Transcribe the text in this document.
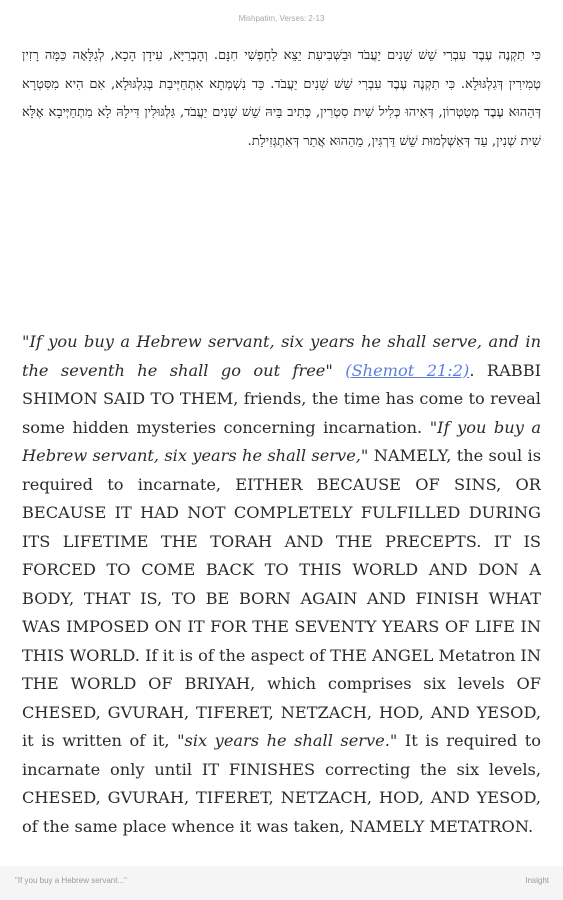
Mishpatim, Verses: 2-13
כִּי תִקְנֶה עֶבֶד עִבְרִי שֵׁשׁ שָׁנִים יַעֲבֹד וּבַשְּׁבִיעִת יֵצֵא לַחָפְשִׁי חִנָּם. וְהָבְרַיָּא, עִידָן הָכָא, לְגַלָּאָה כַּמָּה רָזִין טְמִירִין דְּגִלְגּוּלָא. כִּי תִקְנֶה עֶבֶד עִבְרִי שֵׁשׁ שָׁנִים יַעֲבֹד. כַּד נִשְׁמְתָא אִתְחַיְּיבַת בְּגִלְגּוּלָא, אִם הִיא מִסִּטְרָא דְּהַהוּא עֶבֶד מְטַטְרוֹן, דְּאִיהוּ כְּלִיל שִׁית סִטְרִין, כְּתִיב בֵּיהּ שֵׁשׁ שָׁנִים יַעֲבֹד, גִּלְגּוּלִין דִּילָהּ לָא מִתְחַיְּיבָא אֶלָּא שִׁית שְׁנִין, עַד דְּאִשְׁלְמוּת שֵׁשׁ דַּרְגִּין, מֵהַהוּא אֲתַר דְּאִתְגְּזִילַת.
"If you buy a Hebrew servant, six years he shall serve, and in the seventh he shall go out free" (Shemot 21:2). RABBI SHIMON SAID TO THEM, friends, the time has come to reveal some hidden mysteries concerning incarnation. "If you buy a Hebrew servant, six years he shall serve," NAMELY, the soul is required to incarnate, EITHER BECAUSE OF SINS, OR BECAUSE IT HAD NOT COMPLETELY FULFILLED DURING ITS LIFETIME THE TORAH AND THE PRECEPTS. IT IS FORCED TO COME BACK TO THIS WORLD AND DON A BODY, THAT IS, TO BE BORN AGAIN AND FINISH WHAT WAS IMPOSED ON IT FOR THE SEVENTY YEARS OF LIFE IN THIS WORLD. If it is of the aspect of THE ANGEL Metatron IN THE WORLD OF BRIYAH, which comprises six levels OF CHESED, GVURAH, TIFERET, NETZACH, HOD, AND YESOD, it is written of it, "six years he shall serve." It is required to incarnate only until IT FINISHES correcting the six levels, CHESED, GVURAH, TIFERET, NETZACH, HOD, AND YESOD, of the same place whence it was taken, NAMELY METATRON.
"If you buy a Hebrew servant..."	Insight
